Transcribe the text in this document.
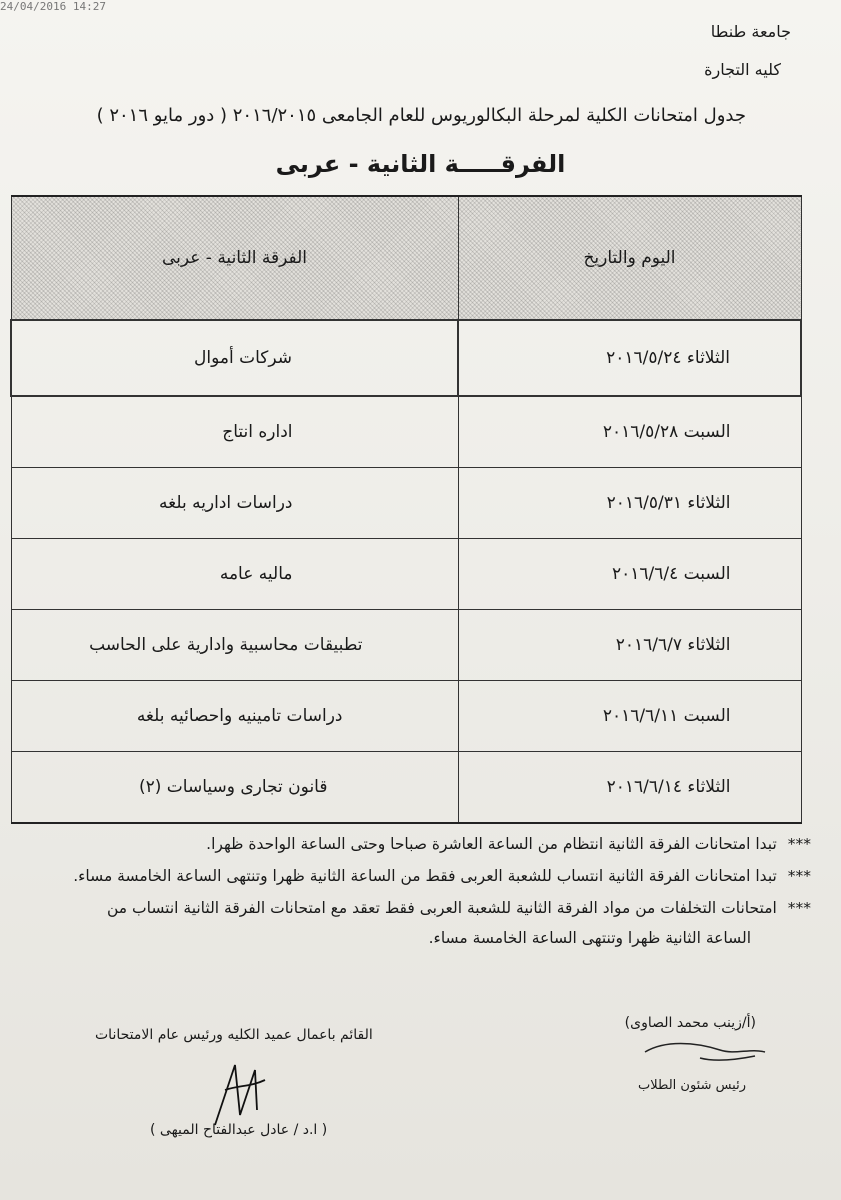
24/04/2016 14:27
جامعة طنطا
كليه التجارة
جدول امتحانات الكلية لمرحلة البكالوريوس للعام الجامعى ٢٠١٦/٢٠١٥ ( دور مايو ٢٠١٦ )
الفرقـــــة الثانية - عربى
اليوم والتاريخ	الفرقة الثانية - عربى
الثلاثاء ٢٠١٦/٥/٢٤	شركات أموال
السبت ٢٠١٦/٥/٢٨	اداره انتاج
الثلاثاء ٢٠١٦/٥/٣١	دراسات اداريه بلغه
السبت ٢٠١٦/٦/٤	ماليه عامه
الثلاثاء ٢٠١٦/٦/٧	تطبيقات محاسبية وادارية على الحاسب
السبت ٢٠١٦/٦/١١	دراسات تامينيه واحصائيه بلغه
الثلاثاء ٢٠١٦/٦/١٤	قانون تجارى وسياسات (٢)

*** تبدا امتحانات الفرقة الثانية انتظام من الساعة العاشرة صباحا وحتى الساعة الواحدة ظهرا.

*** تبدا امتحانات الفرقة الثانية انتساب للشعبة العربى فقط من الساعة الثانية ظهرا وتنتهى الساعة الخامسة مساء.

*** امتحانات التخلفات من مواد الفرقة الثانية للشعبة العربى فقط تعقد مع امتحانات الفرقة الثانية انتساب من

الساعة الثانية ظهرا وتنتهى الساعة الخامسة مساء.

(أ/زينب محمد الصاوى)
رئيس شئون الطلاب
القائم باعمال عميد الكليه ورئيس عام الامتحانات
( ا.د / عادل عبدالفتاح الميهى )
